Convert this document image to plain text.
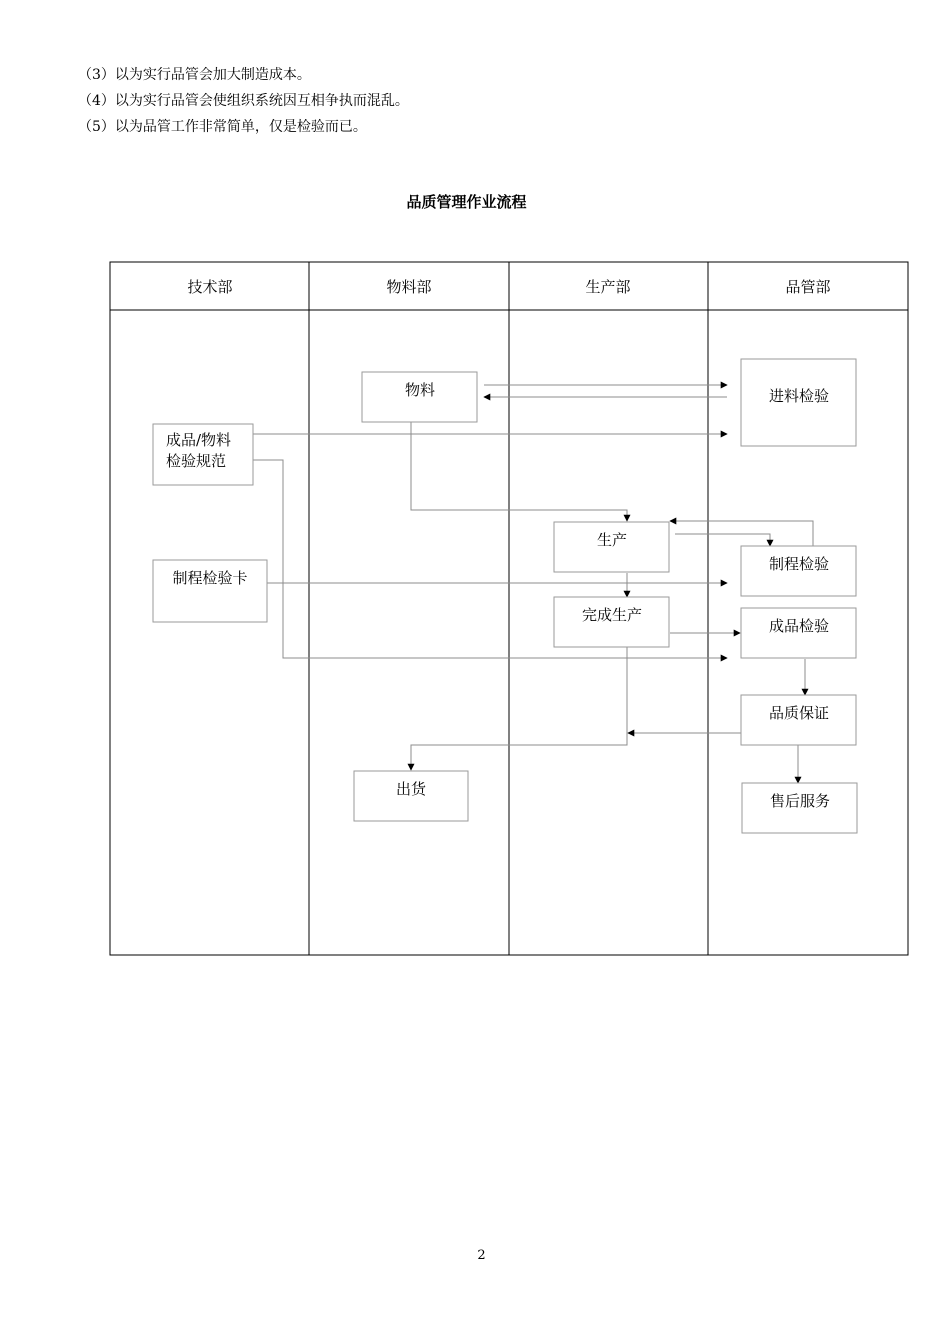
（3）以为实行品管会加大制造成本。
（4）以为实行品管会使组织系统因互相争执而混乱。
（5）以为品管工作非常简单，仅是检验而已。
品质管理作业流程
技术部	物料部	生产部	品管部
物料	进料检验
成品/物料
检验规范
生产
制程检验卡
制程检验
完成生产
成品检验
品质保证
出货
售后服务
2
